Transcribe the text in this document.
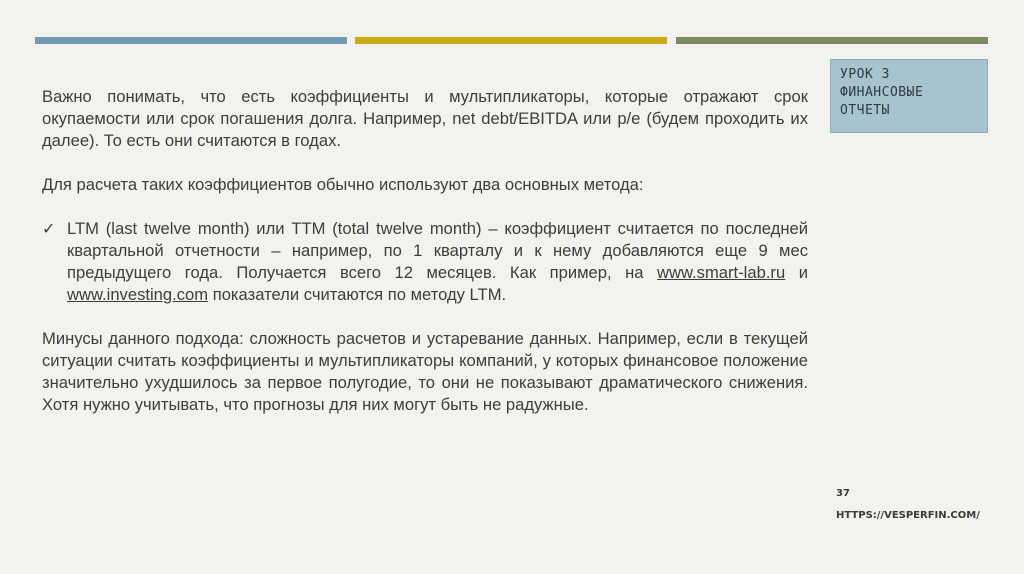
УРОК 3
ФИНАНСОВЫЕ
ОТЧЕТЫ

Важно понимать, что есть коэффициенты и мультипликаторы, которые отражают срок окупаемости или срок погашения долга. Например, net debt/EBITDA или p/e (будем проходить их далее). То есть они считаются в годах.

Для расчета таких коэффициентов обычно используют два основных метода:

✓ LTM (last twelve month) или TTM (total twelve month) – коэффициент считается по последней квартальной отчетности – например, по 1 кварталу и к нему добавляются еще 9 мес предыдущего года. Получается всего 12 месяцев. Как пример, на www.smart-lab.ru и www.investing.com показатели считаются по методу LTM.

Минусы данного подхода: сложность расчетов и устаревание данных. Например, если в текущей ситуации считать коэффициенты и мультипликаторы компаний, у которых финансовое положение значительно ухудшилось за первое полугодие, то они не показывают драматического снижения. Хотя нужно учитывать, что прогнозы для них могут быть не радужные.

37
HTTPS://VESPERFIN.COM/
